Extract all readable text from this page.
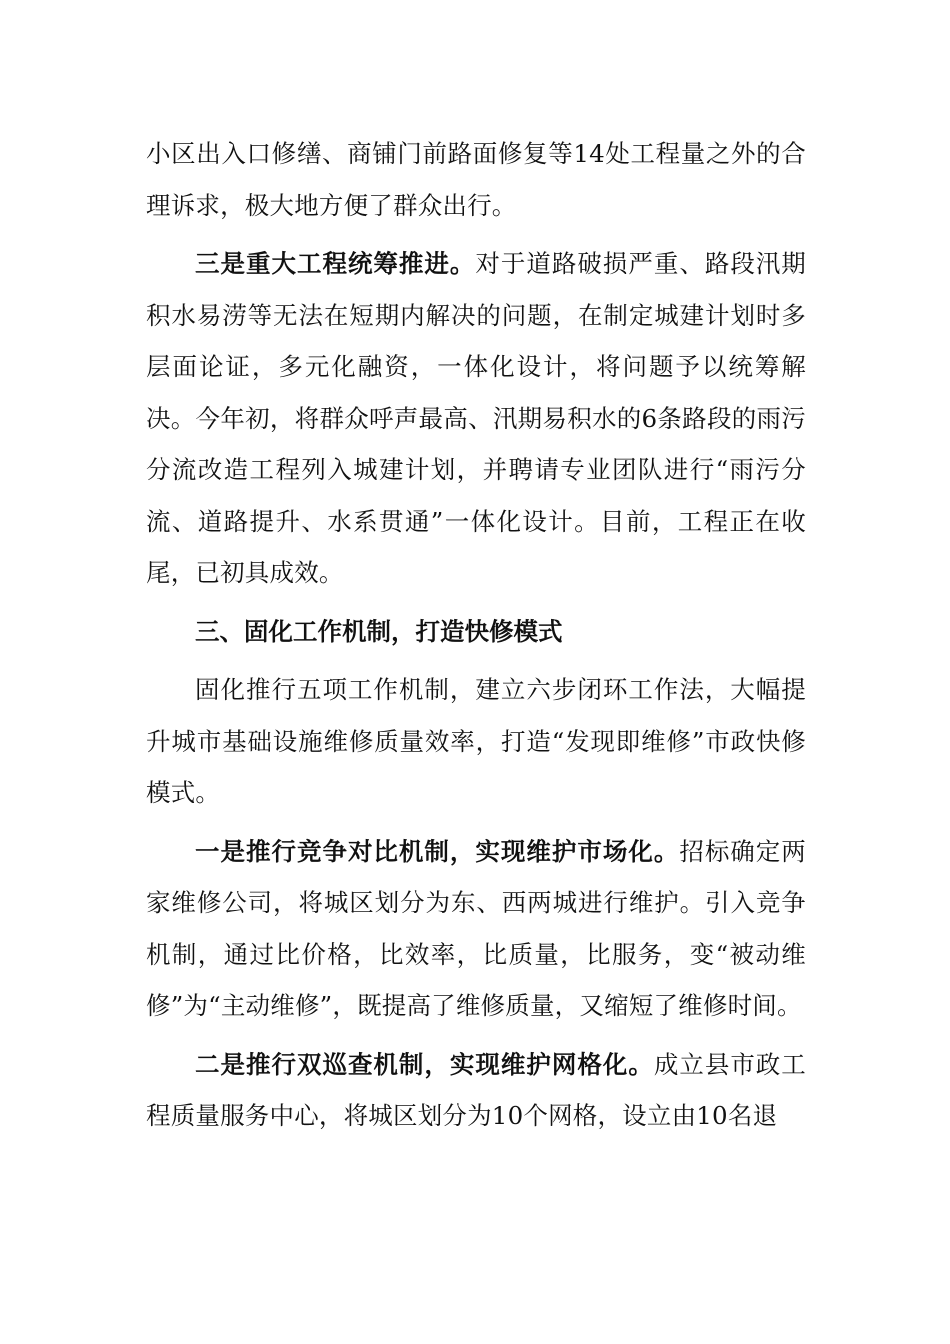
小区出入口修缮、商铺门前路面修复等14处工程量之外的合理诉求，极大地方便了群众出行。

三是重大工程统筹推进。对于道路破损严重、路段汛期积水易涝等无法在短期内解决的问题，在制定城建计划时多层面论证，多元化融资，一体化设计，将问题予以统筹解决。今年初，将群众呼声最高、汛期易积水的6条路段的雨污分流改造工程列入城建计划，并聘请专业团队进行“雨污分流、道路提升、水系贯通”一体化设计。目前，工程正在收尾，已初具成效。

三、固化工作机制，打造快修模式

固化推行五项工作机制，建立六步闭环工作法，大幅提升城市基础设施维修质量效率，打造“发现即维修”市政快修模式。

一是推行竞争对比机制，实现维护市场化。招标确定两家维修公司，将城区划分为东、西两城进行维护。引入竞争机制，通过比价格，比效率，比质量，比服务，变“被动维修”为“主动维修”，既提高了维修质量，又缩短了维修时间。

二是推行双巡查机制，实现维护网格化。成立县市政工程质量服务中心，将城区划分为10个网格，设立由10名退
